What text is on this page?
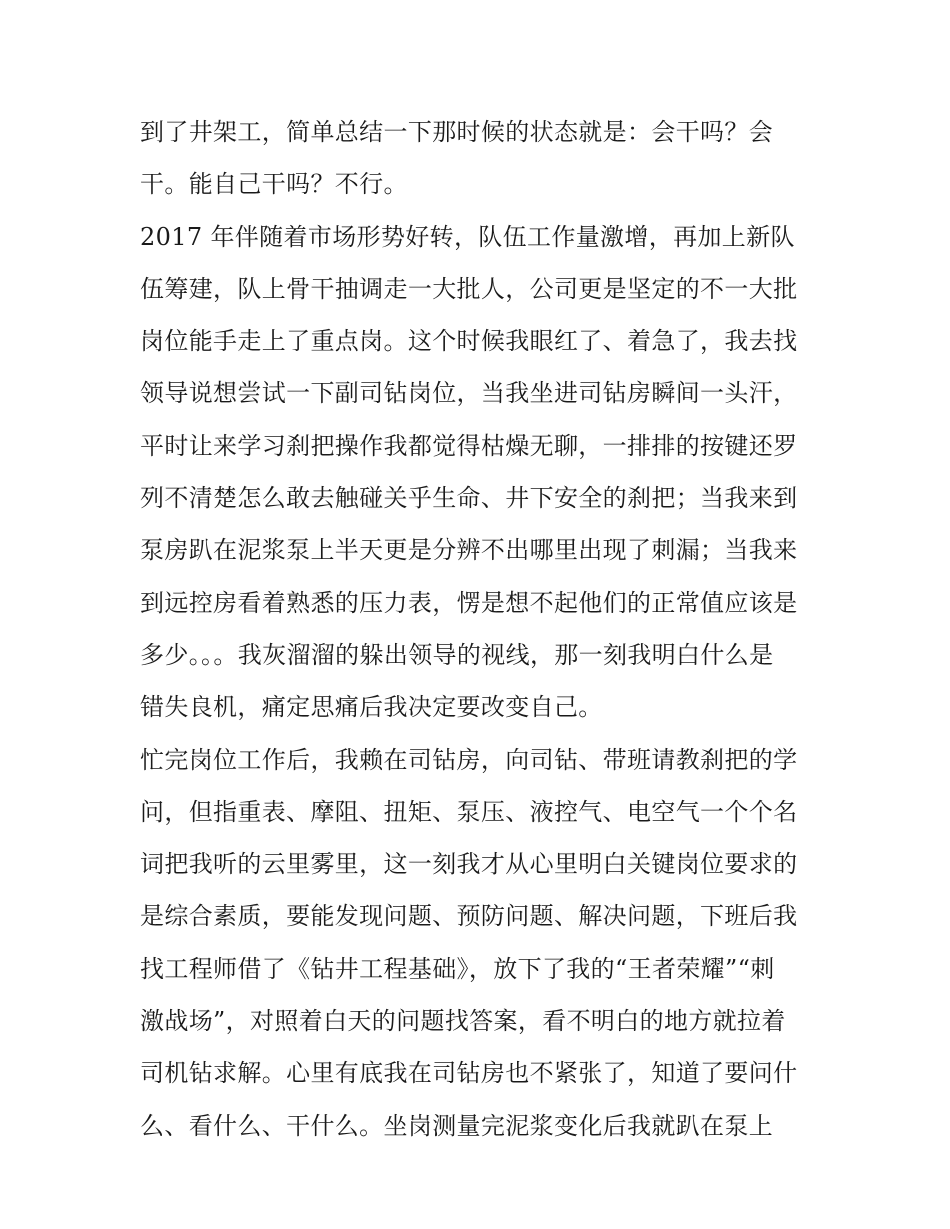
到了井架工，简单总结一下那时候的状态就是：会干吗？会
干。能自己干吗？不行。
2017 年伴随着市场形势好转，队伍工作量激增，再加上新队
伍筹建，队上骨干抽调走一大批人，公司更是坚定的不一大批
岗位能手走上了重点岗。这个时候我眼红了、着急了，我去找
领导说想尝试一下副司钻岗位，当我坐进司钻房瞬间一头汗，
平时让来学习刹把操作我都觉得枯燥无聊，一排排的按键还罗
列不清楚怎么敢去触碰关乎生命、井下安全的刹把；当我来到
泵房趴在泥浆泵上半天更是分辨不出哪里出现了刺漏；当我来
到远控房看着熟悉的压力表，愣是想不起他们的正常值应该是
多少。。。我灰溜溜的躲出领导的视线，那一刻我明白什么是
错失良机，痛定思痛后我决定要改变自己。
忙完岗位工作后，我赖在司钻房，向司钻、带班请教刹把的学
问，但指重表、摩阻、扭矩、泵压、液控气、电空气一个个名
词把我听的云里雾里，这一刻我才从心里明白关键岗位要求的
是综合素质，要能发现问题、预防问题、解决问题，下班后我
找工程师借了《钻井工程基础》，放下了我的“王者荣耀”“刺
激战场”，对照着白天的问题找答案，看不明白的地方就拉着
司机钻求解。心里有底我在司钻房也不紧张了，知道了要问什
么、看什么、干什么。坐岗测量完泥浆变化后我就趴在泵上
